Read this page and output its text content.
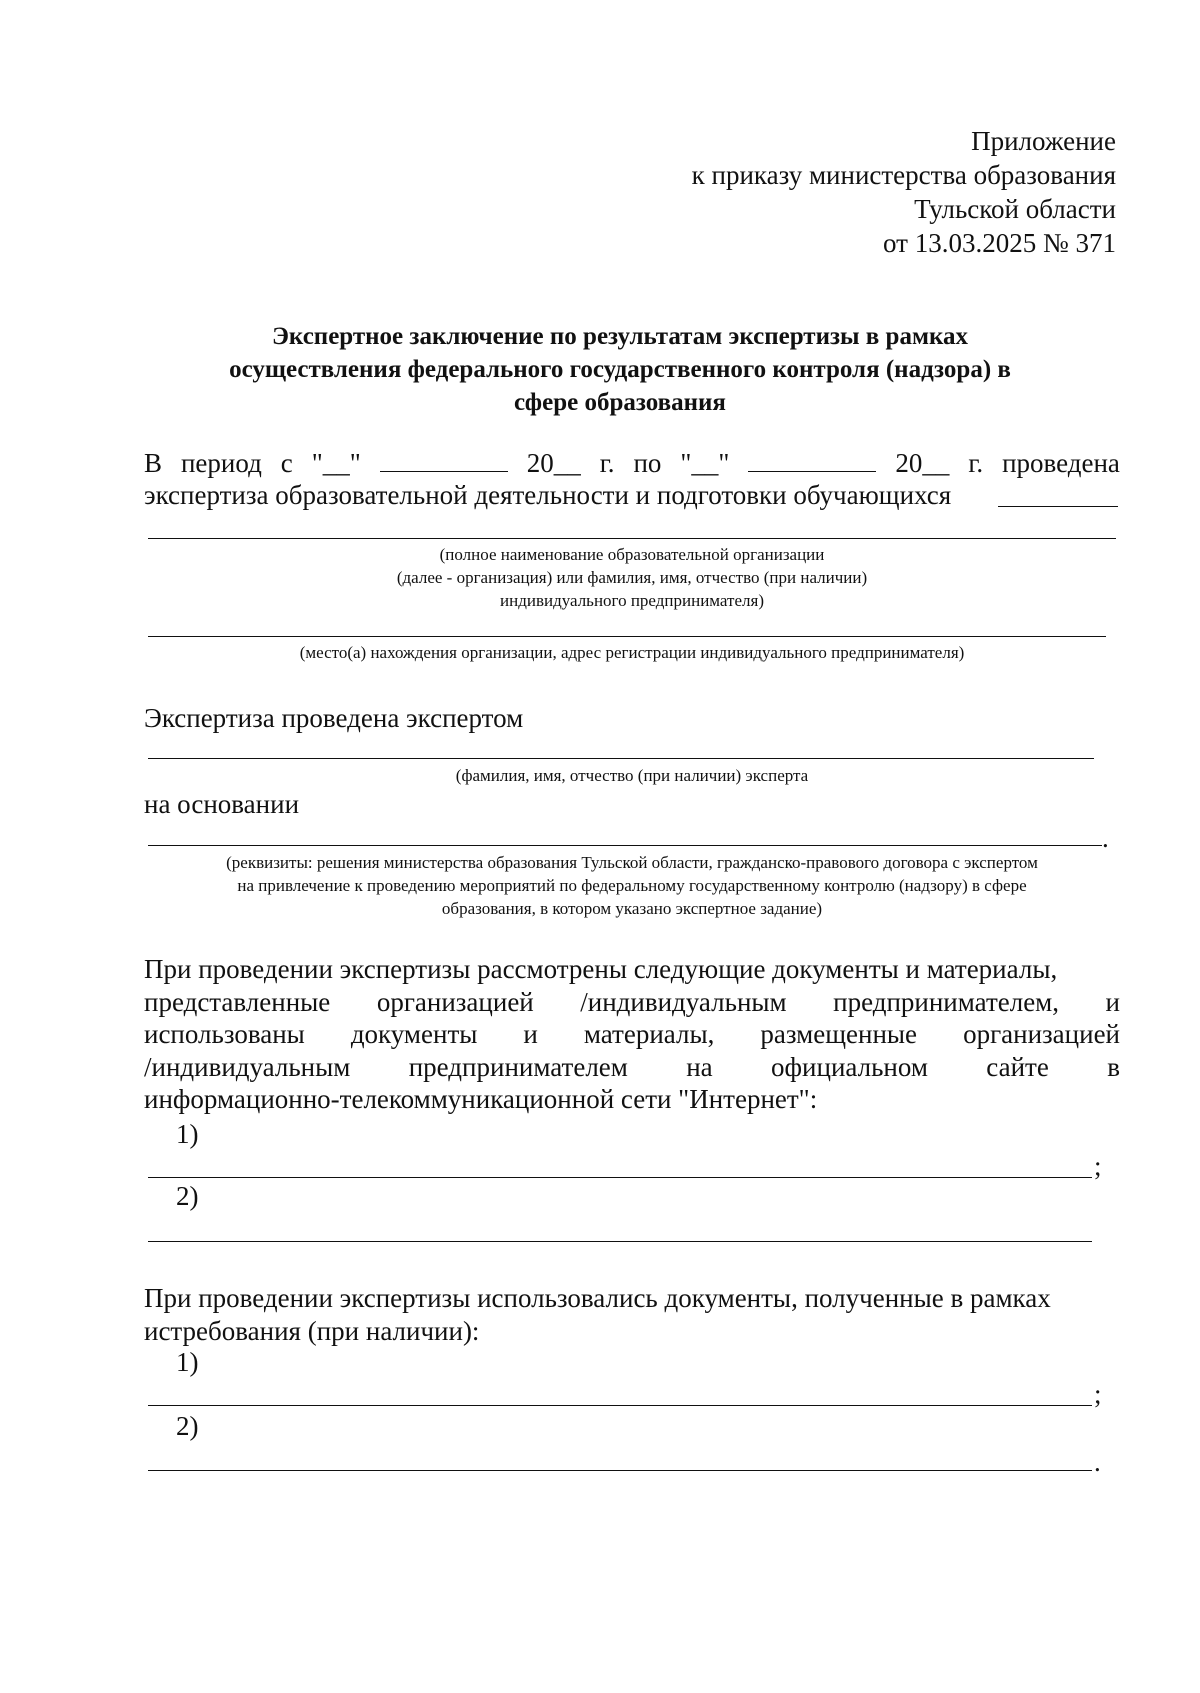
Приложение
к приказу министерства образования
Тульской области
от 13.03.2025 № 371
Экспертное заключение по результатам экспертизы в рамках
осуществления федерального государственного контроля (надзора) в
сфере образования
В период с "__"	20__ г. по "__"	20__ г. проведена
экспертиза образовательной деятельности и подготовки обучающихся
(полное наименование образовательной организации
(далее - организация) или фамилия, имя, отчество (при наличии)
индивидуального предпринимателя)
(место(а) нахождения организации, адрес регистрации индивидуального предпринимателя)
Экспертиза проведена экспертом
(фамилия, имя, отчество (при наличии) эксперта
на основании
.
(реквизиты: решения министерства образования Тульской области, гражданско-правового договора с экспертом
на привлечение к проведению мероприятий по федеральному государственному контролю (надзору) в сфере
образования, в котором указано экспертное задание)
При проведении экспертизы рассмотрены следующие документы и материалы,
представленные организацией /индивидуальным предпринимателем, и
использованы документы и материалы, размещенные организацией
/индивидуальным предпринимателем на официальном сайте в
информационно-телекоммуникационной сети "Интернет":
1)
;
2)
При проведении экспертизы использовались документы, полученные в рамках
истребования (при наличии):
1)
;
2)
.
